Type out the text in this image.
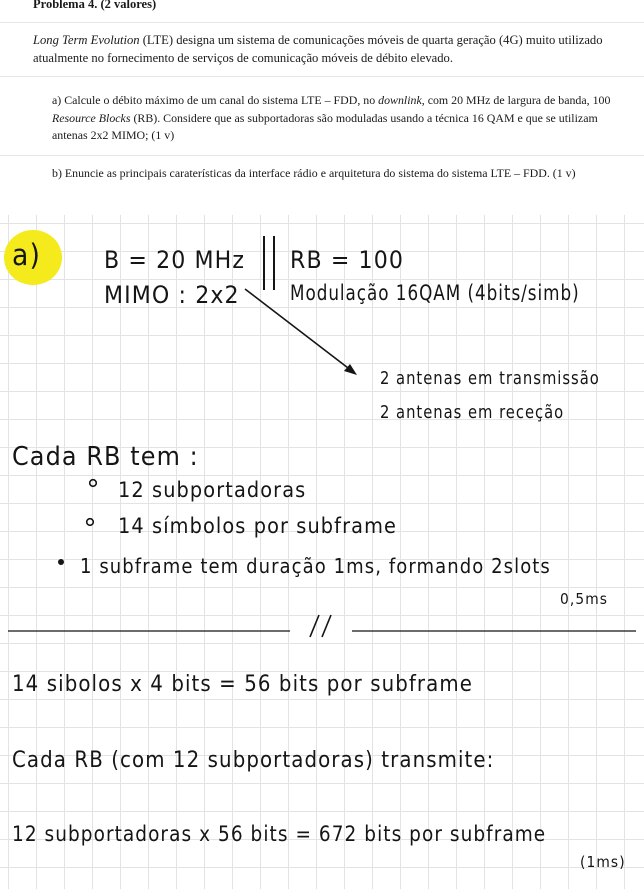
Problema 4. (2 valores)
Long Term Evolution (LTE) designa um sistema de comunicações móveis de quarta geração (4G) muito utilizado atualmente no fornecimento de serviços de comunicação móveis de débito elevado.
a) Calcule o débito máximo de um canal do sistema LTE – FDD, no downlink, com 20 MHz de largura de banda, 100 Resource Blocks (RB). Considere que as subportadoras são moduladas usando a técnica 16 QAM e que se utilizam antenas 2x2 MIMO; (1 v)
b) Enuncie as principais caraterísticas da interface rádio e arquitetura do sistema do sistema LTE – FDD. (1 v)
a)	B = 20 MHz
MIMO : 2x2
RB = 100
Modulação 16QAM (4bits/simb)
2 antenas em transmissão
2 antenas em receção
Cada RB tem :
12 subportadoras
14 símbolos por subframe
1 subframe tem duração 1ms, formando 2slots
0,5ms
14 sibolos x 4 bits = 56 bits por subframe
Cada RB (com 12 subportadoras) transmite:
12 subportadoras x 56 bits = 672 bits por subframe
(1ms)
